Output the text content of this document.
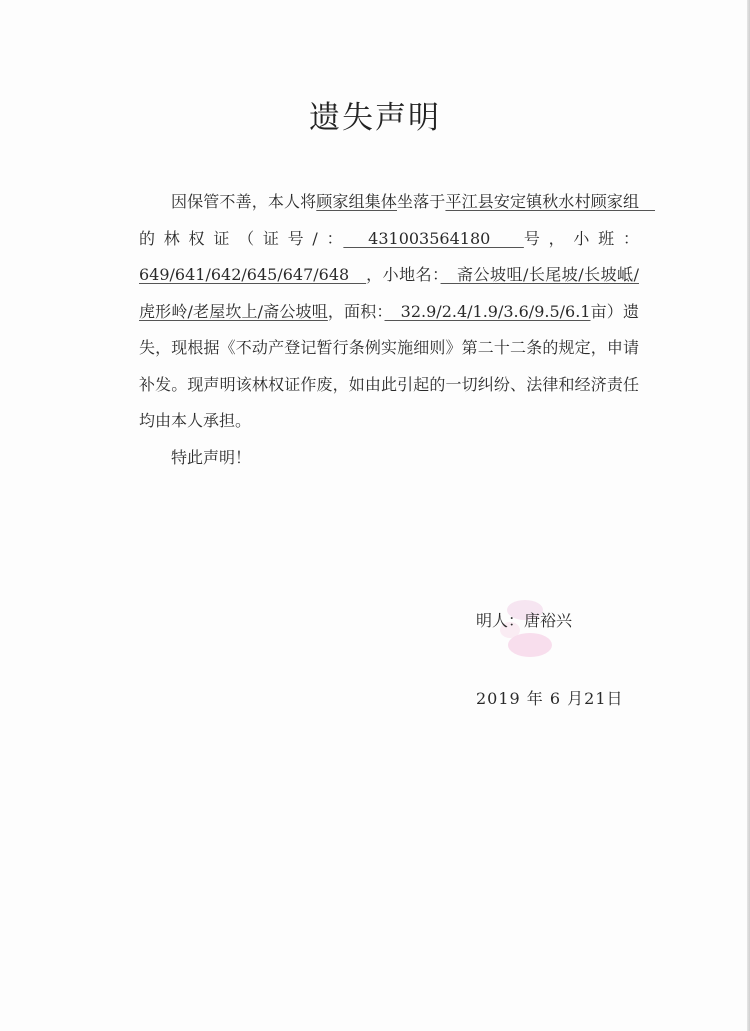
遗失声明

因保管不善，本人将顾家组集体坐落于平江县安定镇秋水村顾家组　的林权证（证号/：　431003564180　号，小班：649/641/642/645/647/648　，小地名：　斋公坡咀/长尾坡/长坡岻/虎形岭/老屋坎上/斋公坡咀，面积：　32.9/2.4/1.9/3.6/9.5/6.1亩）遗失，现根据《不动产登记暂行条例实施细则》第二十二条的规定，申请补发。现声明该林权证作废，如由此引起的一切纠纷、法律和经济责任均由本人承担。

特此声明！

明人：唐裕兴
2019 年 6 月21日
